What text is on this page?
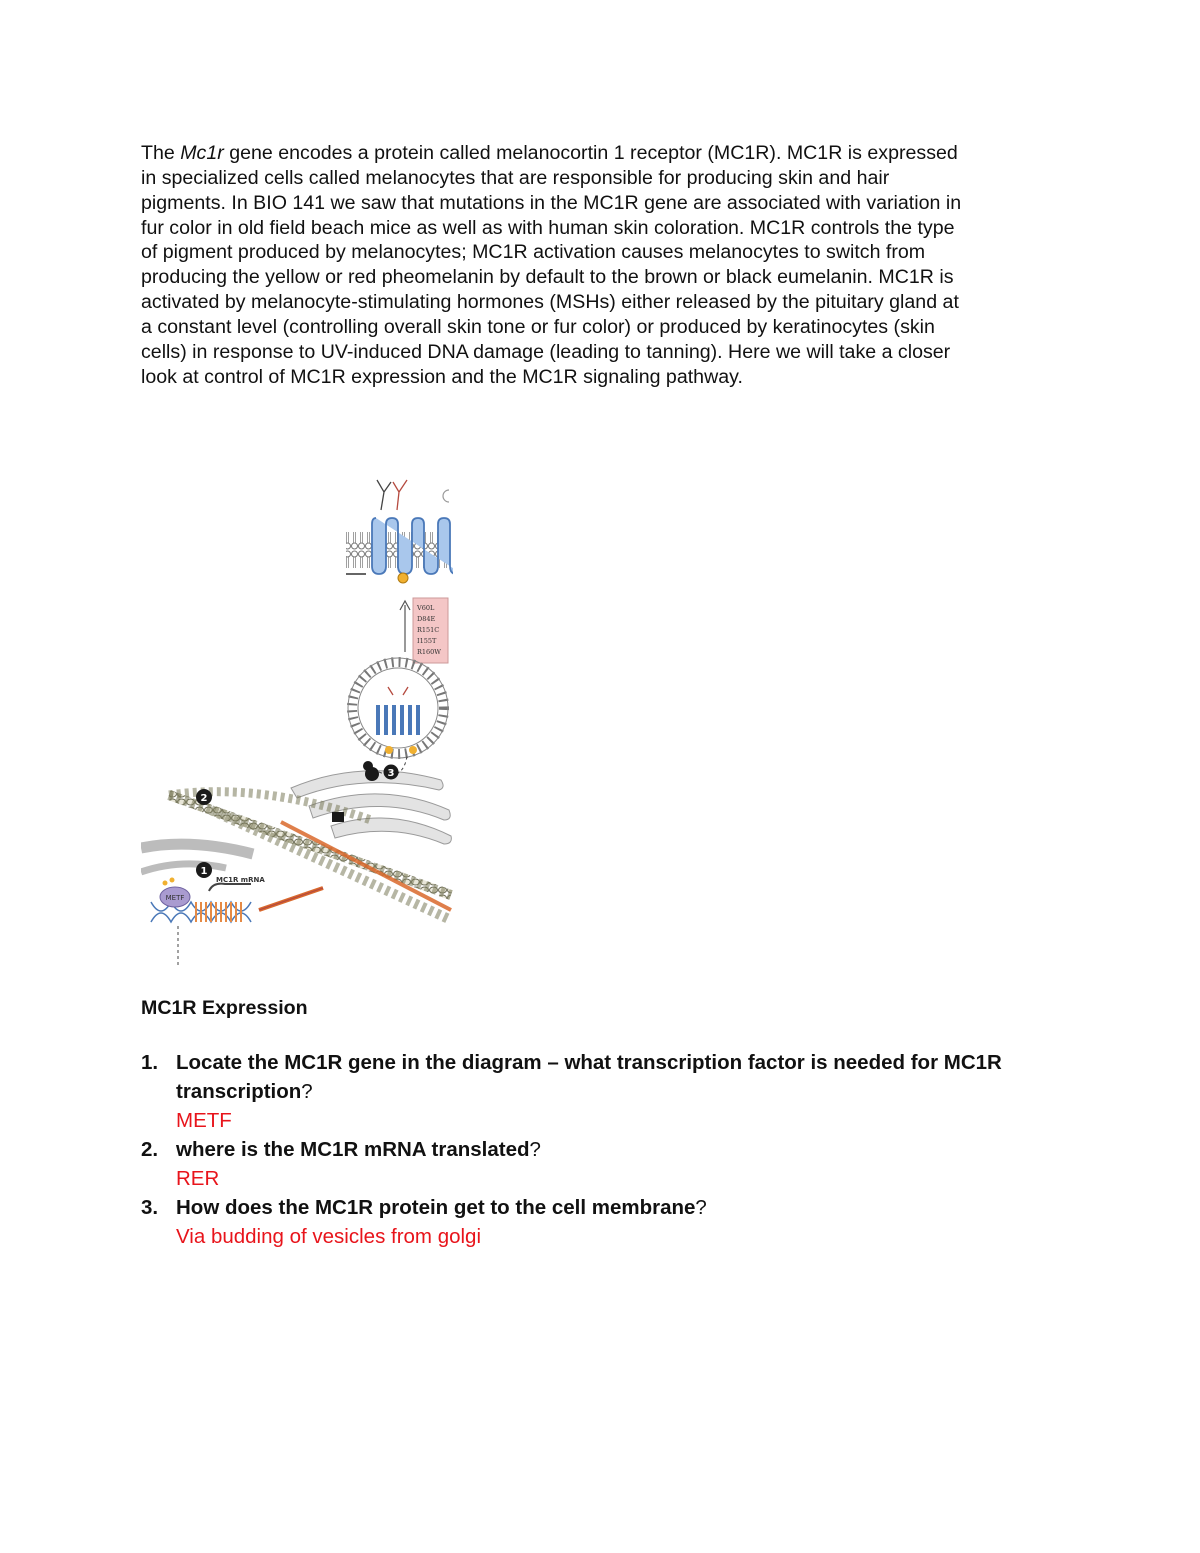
The Mc1r gene encodes a protein called melanocortin 1 receptor (MC1R). MC1R is expressed
in specialized cells called melanocytes that are responsible for producing skin and hair
pigments. In BIO 141 we saw that mutations in the MC1R gene are associated with variation in
fur color in old field beach mice as well as with human skin coloration. MC1R controls the type
of pigment produced by melanocytes; MC1R activation causes melanocytes to switch from
producing the yellow or red pheomelanin by default to the brown or black eumelanin. MC1R is
activated by melanocyte-stimulating hormones (MSHs) either released by the pituitary gland at
a constant level (controlling overall skin tone or fur color) or produced by keratinocytes (skin
cells) in response to UV-induced DNA damage (leading to tanning). Here we will take a closer
look at control of MC1R expression and the MC1R signaling pathway.
V60L
D84E
R151C
I155T
R160W
3
2
1
METF
MC1R mRNA
MC1R Expression
1. Locate the MC1R gene in the diagram – what transcription factor is needed for MC1R transcription?
METF
2. where is the MC1R mRNA translated?
RER
3. How does the MC1R protein get to the cell membrane?
Via budding of vesicles from golgi
